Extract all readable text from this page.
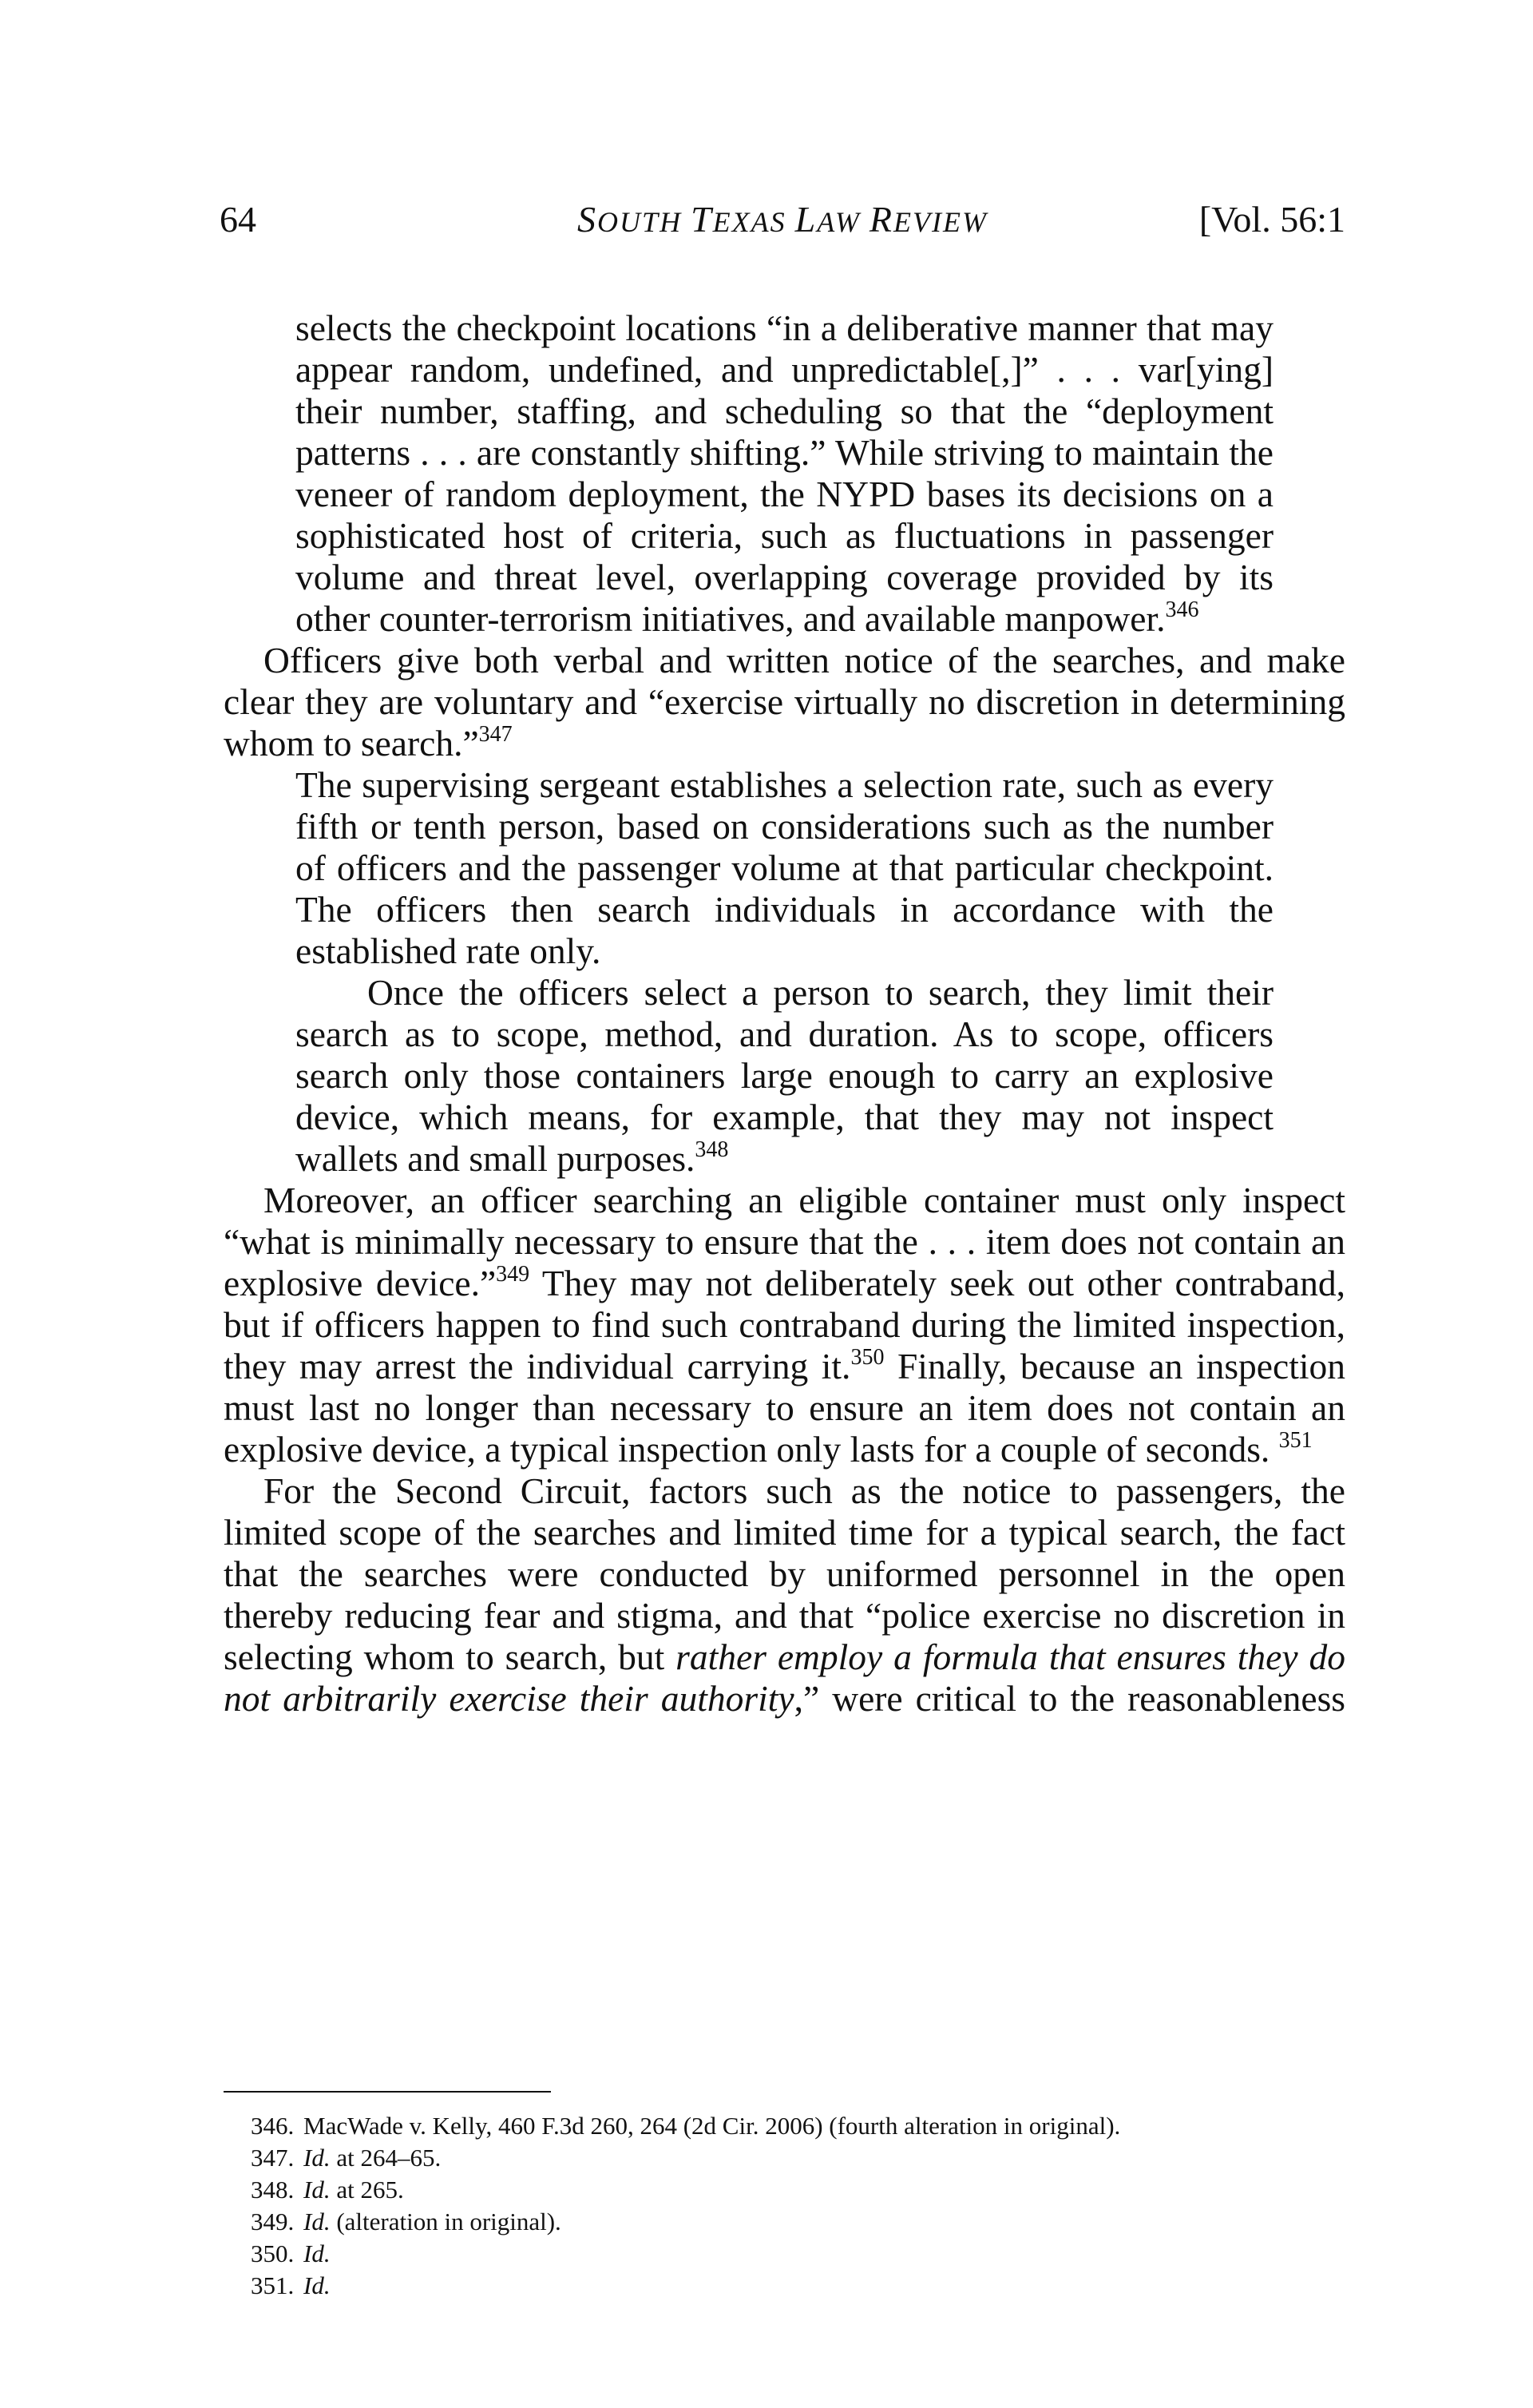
64	SOUTH TEXAS LAW REVIEW	[Vol. 56:1

selects the checkpoint locations “in a deliberative manner that may appear random, undefined, and unpredictable[,]” . . . var[ying] their number, staffing, and scheduling so that the “deployment patterns . . . are constantly shifting.” While striving to maintain the veneer of random deployment, the NYPD bases its decisions on a sophisticated host of criteria, such as fluctuations in passenger volume and threat level, overlapping coverage provided by its other counter-terrorism initiatives, and available manpower.$^{346}$

Officers give both verbal and written notice of the searches, and make clear they are voluntary and “exercise virtually no discretion in determining whom to search.”$^{347}$

The supervising sergeant establishes a selection rate, such as every fifth or tenth person, based on considerations such as the number of officers and the passenger volume at that particular checkpoint. The officers then search individuals in accordance with the established rate only.

Once the officers select a person to search, they limit their search as to scope, method, and duration. As to scope, officers search only those containers large enough to carry an explosive device, which means, for example, that they may not inspect wallets and small purposes.$^{348}$

Moreover, an officer searching an eligible container must only inspect “what is minimally necessary to ensure that the . . . item does not contain an explosive device.”$^{349}$ They may not deliberately seek out other contraband, but if officers happen to find such contraband during the limited inspection, they may arrest the individual carrying it.$^{350}$ Finally, because an inspection must last no longer than necessary to ensure an item does not contain an explosive device, a typical inspection only lasts for a couple of seconds. $^{351}$

For the Second Circuit, factors such as the notice to passengers, the limited scope of the searches and limited time for a typical search, the fact that the searches were conducted by uniformed personnel in the open thereby reducing fear and stigma, and that “police exercise no discretion in selecting whom to search, but rather employ a formula that ensures they do not arbitrarily exercise their authority,” were critical to the reasonableness

346. MacWade v. Kelly, 460 F.3d 260, 264 (2d Cir. 2006) (fourth alteration in original).

347. Id. at 264–65.

348. Id. at 265.

349. Id. (alteration in original).

350. Id.

351. Id.
